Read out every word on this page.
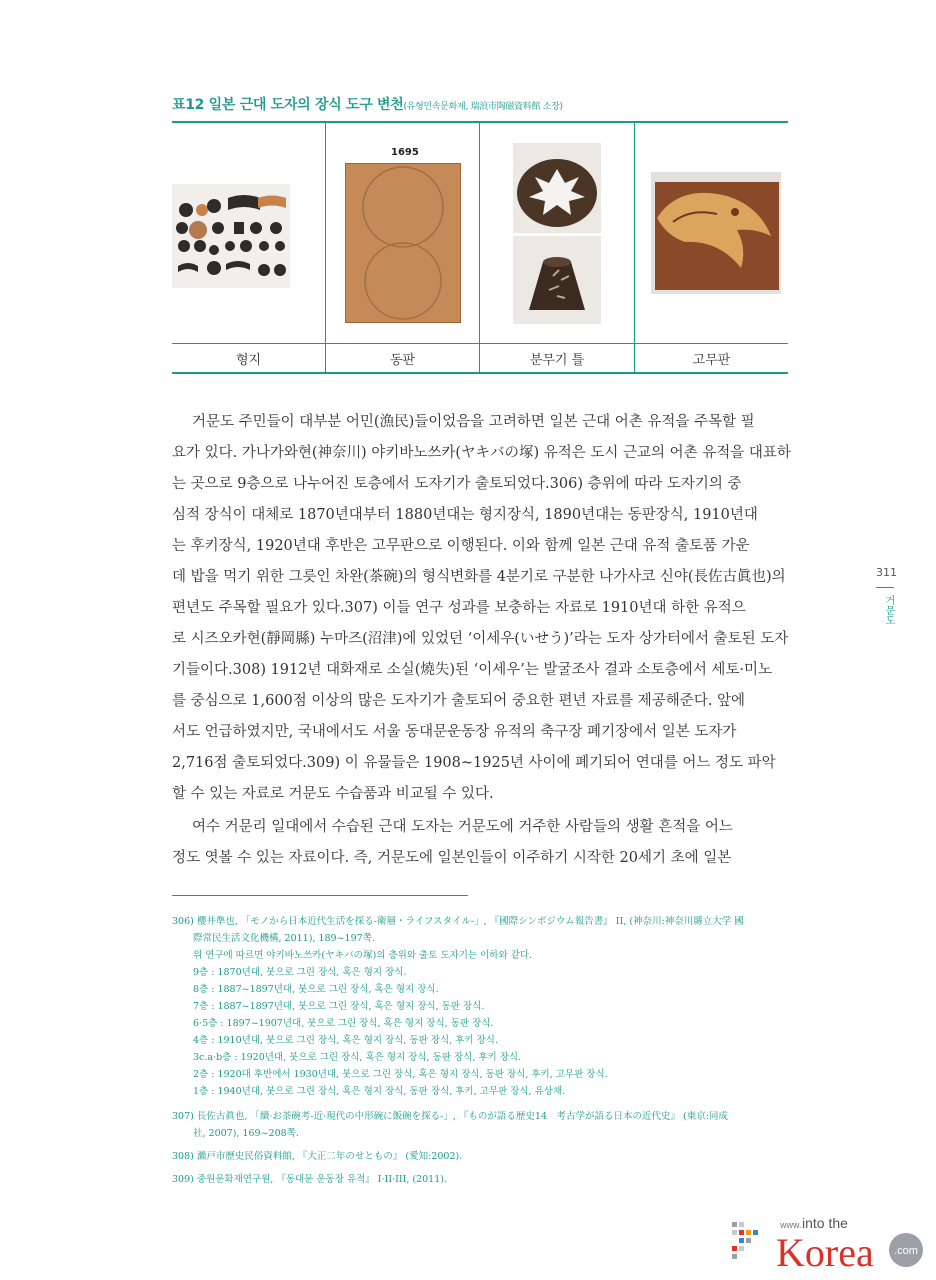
표12 일본 근대 도자의 장식 도구 변천(유형민속문화재, 瑞浪市陶磁資料館 소장)
1695
형지	동판	분무기 틀	고무판
거문도 주민들이 대부분 어민(漁民)들이었음을 고려하면 일본 근대 어촌 유적을 주목할 필
요가 있다. 가나가와현(神奈川) 야키바노쓰카(ヤキバの塚) 유적은 도시 근교의 어촌 유적을 대표하
는 곳으로 9층으로 나누어진 토층에서 도자기가 출토되었다.306) 층위에 따라 도자기의 중
심적 장식이 대체로 1870년대부터 1880년대는 형지장식, 1890년대는 동판장식, 1910년대
는 후키장식, 1920년대 후반은 고무판으로 이행된다. 이와 함께 일본 근대 유적 출토품 가운
데 밥을 먹기 위한 그릇인 차완(茶碗)의 형식변화를 4분기로 구분한 나가사코 신야(長佐古眞也)의
편년도 주목할 필요가 있다.307) 이들 연구 성과를 보충하는 자료로 1910년대 하한 유적으
로 시즈오카현(靜岡縣) 누마즈(沼津)에 있었던 ‘이세우(いせう)’라는 도자 상가터에서 출토된 도자
기들이다.308) 1912년 대화재로 소실(燒失)된 ‘이세우’는 발굴조사 결과 소토층에서 세토·미노
를 중심으로 1,600점 이상의 많은 도자기가 출토되어 중요한 편년 자료를 제공해준다. 앞에
서도 언급하였지만, 국내에서도 서울 동대문운동장 유적의 축구장 폐기장에서 일본 도자가
2,716점 출토되었다.309) 이 유물들은 1908~1925년 사이에 폐기되어 연대를 어느 정도 파악
할 수 있는 자료로 거문도 수습품과 비교될 수 있다.
여수 거문리 일대에서 수습된 근대 도자는 거문도에 거주한 사람들의 생활 흔적을 어느
정도 엿볼 수 있는 자료이다. 즉, 거문도에 일본인들이 이주하기 시작한 20세기 초에 일본
311
거문도
306) 櫻井準也, 「モノから日本近代生活を探る-衛層・ライフスタイル-」, 『國際シンポジウム報告書』 II, (神奈川:神奈川縣立大学 國
際常民生活文化機構, 2011), 189~197쪽.
위 연구에 따르면 야키바노쓰카(ヤキバの塚)의 층위와 출토 도자기는 이하와 같다.
9층 : 1870년대, 붓으로 그린 장식, 혹은 형지 장식.
8층 : 1887~1897년대, 붓으로 그린 장식, 혹은 형지 장식.
7층 : 1887~1897년대, 붓으로 그린 장식, 혹은 형지 장식, 동판 장식.
6·5층 : 1897~1907년대, 붓으로 그린 장식, 혹은 형지 장식, 동판 장식.
4층 : 1910년대, 붓으로 그린 장식, 혹은 형지 장식, 동판 장식, 후키 장식.
3c.a·b층 : 1920년대, 붓으로 그린 장식, 혹은 형지 장식, 동판 장식, 후키 장식.
2층 : 1920대 후반에서 1930년대, 붓으로 그린 장식, 혹은 형지 장식, 동판 장식, 후키, 고무판 장식.
1층 : 1940년대, 붓으로 그린 장식, 혹은 형지 장식, 동판 장식, 후키, 고무판 장식, 유상채.
307) 長佐古眞也, 「續·お茶碗考-近·現代の中形碗に飯碗を探る-」, 『ものが語る歴史14　考古学が語る日本の近代史』 (東京:同成
社, 2007), 169~208쪽.
308) 瀨戸市歷史民俗資料館, 『大正二年のせともの』 (愛知:2002).
309) 중원문화재연구원, 『동대문 운동장 유적』 I·II·III, (2011).
www. into the
Korea .com
